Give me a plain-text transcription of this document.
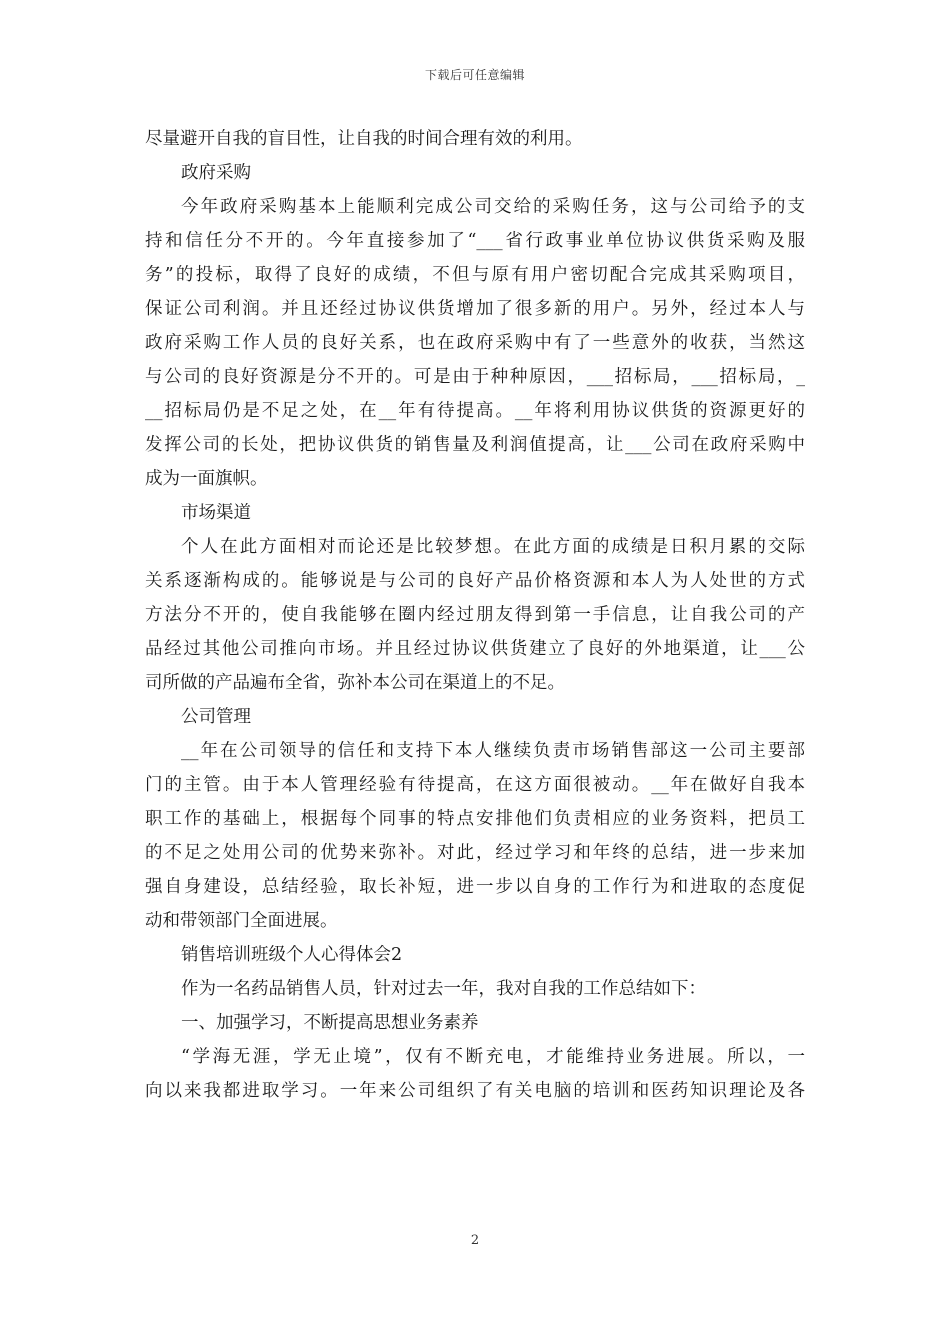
下载后可任意编辑
尽量避开自我的盲目性，让自我的时间合理有效的利用。
政府采购
今年政府采购基本上能顺利完成公司交给的采购任务，这与公司给予的支
持和信任分不开的。今年直接参加了“___省行政事业单位协议供货采购及服
务”的投标，取得了良好的成绩，不但与原有用户密切配合完成其采购项目，
保证公司利润。并且还经过协议供货增加了很多新的用户。另外，经过本人与
政府采购工作人员的良好关系，也在政府采购中有了一些意外的收获，当然这
与公司的良好资源是分不开的。可是由于种种原因，___招标局，___招标局，_
__招标局仍是不足之处，在__年有待提高。__年将利用协议供货的资源更好的
发挥公司的长处，把协议供货的销售量及利润值提高，让___公司在政府采购中
成为一面旗帜。
市场渠道
个人在此方面相对而论还是比较梦想。在此方面的成绩是日积月累的交际
关系逐渐构成的。能够说是与公司的良好产品价格资源和本人为人处世的方式
方法分不开的，使自我能够在圈内经过朋友得到第一手信息，让自我公司的产
品经过其他公司推向市场。并且经过协议供货建立了良好的外地渠道，让___公
司所做的产品遍布全省，弥补本公司在渠道上的不足。
公司管理
__年在公司领导的信任和支持下本人继续负责市场销售部这一公司主要部
门的主管。由于本人管理经验有待提高，在这方面很被动。__年在做好自我本
职工作的基础上，根据每个同事的特点安排他们负责相应的业务资料，把员工
的不足之处用公司的优势来弥补。对此，经过学习和年终的总结，进一步来加
强自身建设，总结经验，取长补短，进一步以自身的工作行为和进取的态度促
动和带领部门全面进展。
销售培训班级个人心得体会2
作为一名药品销售人员，针对过去一年，我对自我的工作总结如下：
一、加强学习，不断提高思想业务素养
“学海无涯，学无止境”，仅有不断充电，才能维持业务进展。所以，一
向以来我都进取学习。一年来公司组织了有关电脑的培训和医药知识理论及各
2
